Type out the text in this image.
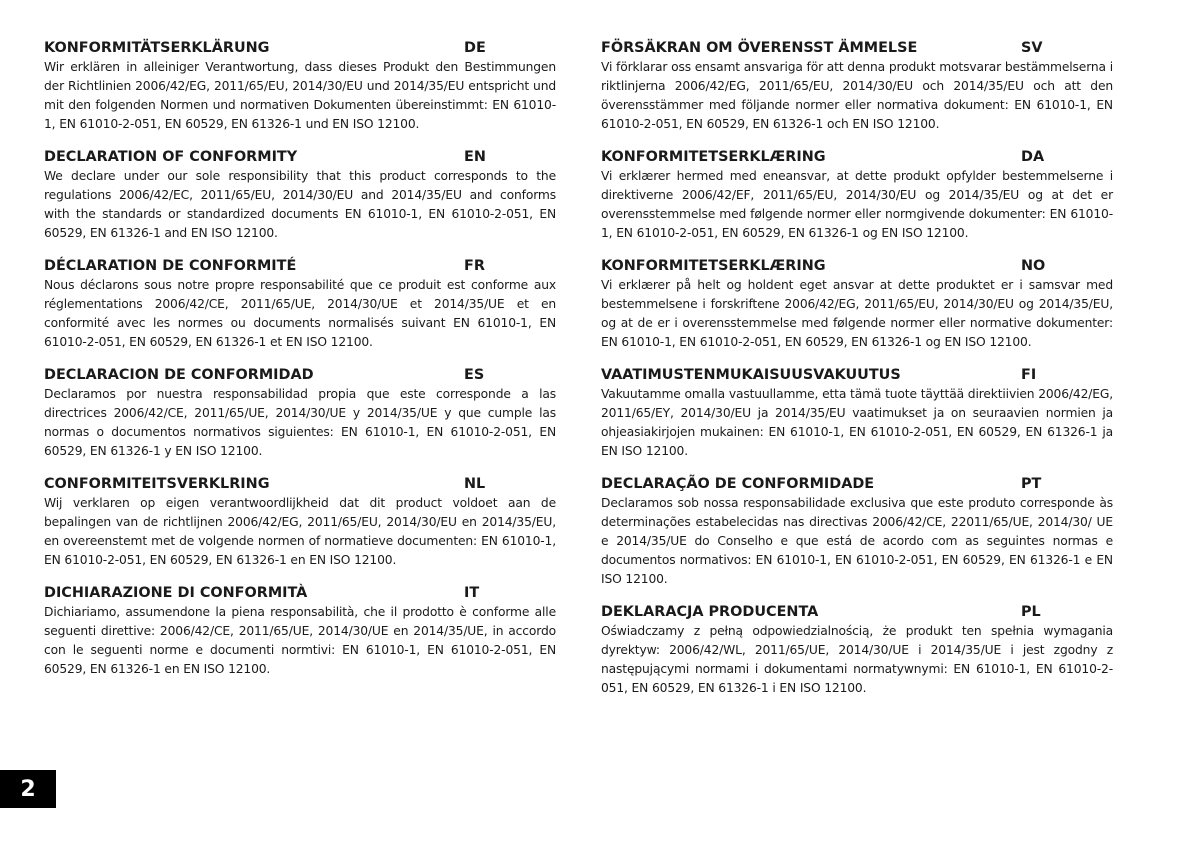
KONFORMITÄTSERKLÄRUNG	DE
Wir erklären in alleiniger Verantwortung, dass dieses Produkt den Bestimmungen der Richtlinien 2006/42/EG, 2011/65/EU, 2014/30/EU und 2014/35/EU entspricht und mit den folgenden Normen und normativen Dokumenten übereinstimmt: EN 61010-1, EN 61010-2-051, EN 60529, EN 61326-1 und EN ISO 12100.
DECLARATION OF CONFORMITY	EN
We declare under our sole responsibility that this product corresponds to the regulations 2006/42/EC, 2011/65/EU, 2014/30/EU and 2014/35/EU and conforms with the standards or standardized documents EN 61010-1, EN 61010-2-051, EN 60529, EN 61326-1 and EN ISO 12100.
DÉCLARATION DE CONFORMITÉ	FR
Nous déclarons sous notre propre responsabilité que ce produit est conforme aux réglementations 2006/42/CE, 2011/65/UE, 2014/30/UE et 2014/35/UE et en conformité avec les normes ou documents normalisés suivant EN 61010-1, EN 61010-2-051, EN 60529, EN 61326-1 et EN ISO 12100.
DECLARACION DE CONFORMIDAD	ES
Declaramos por nuestra responsabilidad propia que este corresponde a las directrices 2006/42/CE, 2011/65/UE, 2014/30/UE y 2014/35/UE y que cumple las normas o documentos normativos siguientes: EN 61010-1, EN 61010-2-051, EN 60529, EN 61326-1 y EN ISO 12100.
CONFORMITEITSVERKLRING	NL
Wij verklaren op eigen verantwoordlijkheid dat dit product voldoet aan de bepalingen van de richtlijnen 2006/42/EG, 2011/65/EU, 2014/30/EU en 2014/35/EU, en overeenstemt met de volgende normen of normatieve documenten: EN 61010-1, EN 61010-2-051, EN 60529, EN 61326-1 en EN ISO 12100.
DICHIARAZIONE DI CONFORMITÀ	IT
Dichiariamo, assumendone la piena responsabilità, che il prodotto è conforme alle seguenti direttive: 2006/42/CE, 2011/65/UE, 2014/30/UE en 2014/35/UE, in accordo con le seguenti norme e documenti normtivi: EN 61010-1, EN 61010-2-051, EN 60529, EN 61326-1 en EN ISO 12100.
FÖRSÄKRAN OM ÖVERENSST ÄMMELSE	SV
Vi förklarar oss ensamt ansvariga för att denna produkt motsvarar bestämmelserna i riktlinjerna 2006/42/EG, 2011/65/EU, 2014/30/EU och 2014/35/EU och att den överensstämmer med följande normer eller normativa dokument: EN 61010-1, EN 61010-2-051, EN 60529, EN 61326-1 och EN ISO 12100.
KONFORMITETSERKLÆRING	DA
Vi erklærer hermed med eneansvar, at dette produkt opfylder bestemmelserne i direktiverne 2006/42/EF, 2011/65/EU, 2014/30/EU og 2014/35/EU og at det er overensstemmelse med følgende normer eller normgivende dokumenter: EN 61010-1, EN 61010-2-051, EN 60529, EN 61326-1 og EN ISO 12100.
KONFORMITETSERKLÆRING	NO
Vi erklærer på helt og holdent eget ansvar at dette produktet er i samsvar med bestemmelsene i forskriftene 2006/42/EG, 2011/65/EU, 2014/30/EU og 2014/35/EU, og at de er i overensstemmelse med følgende normer eller normative dokumenter: EN 61010-1, EN 61010-2-051, EN 60529, EN 61326-1 og EN ISO 12100.
VAATIMUSTENMUKAISUUSVAKUUTUS	FI
Vakuutamme omalla vastuullamme, etta tämä tuote täyttää direktiivien 2006/42/EG, 2011/65/EY, 2014/30/EU ja 2014/35/EU vaatimukset ja on seuraavien normien ja ohjeasiakirjojen mukainen: EN 61010-1, EN 61010-2-051, EN 60529, EN 61326-1 ja EN ISO 12100.
DECLARAÇÃO DE CONFORMIDADE	PT
Declaramos sob nossa responsabilidade exclusiva que este produto corresponde às determinações estabelecidas nas directivas 2006/42/CE, 22011/65/UE, 2014/30/ UE e 2014/35/UE do Conselho e que está de acordo com as seguintes normas e documentos normativos: EN 61010-1, EN 61010-2-051, EN 60529, EN 61326-1 e EN ISO 12100.
DEKLARACJA PRODUCENTA	PL
Oświadczamy z pełną odpowiedzialnością, że produkt ten spełnia wymagania dyrektyw: 2006/42/WL, 2011/65/UE, 2014/30/UE i 2014/35/UE i jest zgodny z następującymi normami i dokumentami normatywnymi: EN 61010-1, EN 61010-2-051, EN 60529, EN 61326-1 i EN ISO 12100.
2
